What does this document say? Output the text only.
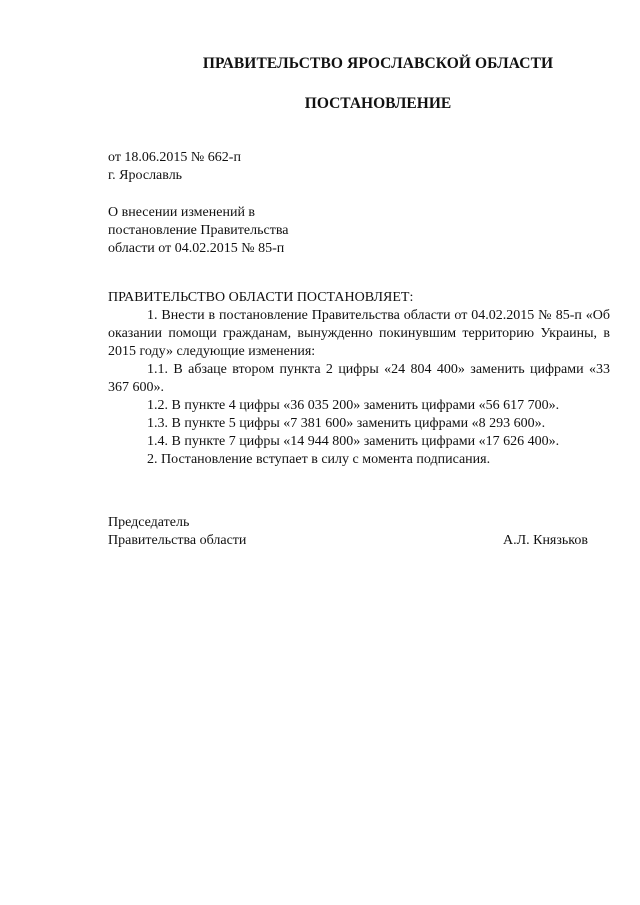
ПРАВИТЕЛЬСТВО ЯРОСЛАВСКОЙ ОБЛАСТИ
ПОСТАНОВЛЕНИЕ
от 18.06.2015 № 662-п
г. Ярославль
О внесении изменений в
постановление Правительства
области от 04.02.2015 № 85-п
ПРАВИТЕЛЬСТВО ОБЛАСТИ ПОСТАНОВЛЯЕТ:

1. Внести в постановление Правительства области от 04.02.2015 № 85-п «Об оказании помощи гражданам, вынужденно покинувшим территорию Украины, в 2015 году» следующие изменения:

1.1. В абзаце втором пункта 2 цифры «24 804 400» заменить цифрами «33 367 600».

1.2. В пункте 4 цифры «36 035 200» заменить цифрами «56 617 700».

1.3. В пункте 5 цифры «7 381 600» заменить цифрами «8 293 600».

1.4. В пункте 7 цифры «14 944 800» заменить цифрами «17 626 400».

2. Постановление вступает в силу с момента подписания.

Председатель
Правительства области	А.Л. Князьков
